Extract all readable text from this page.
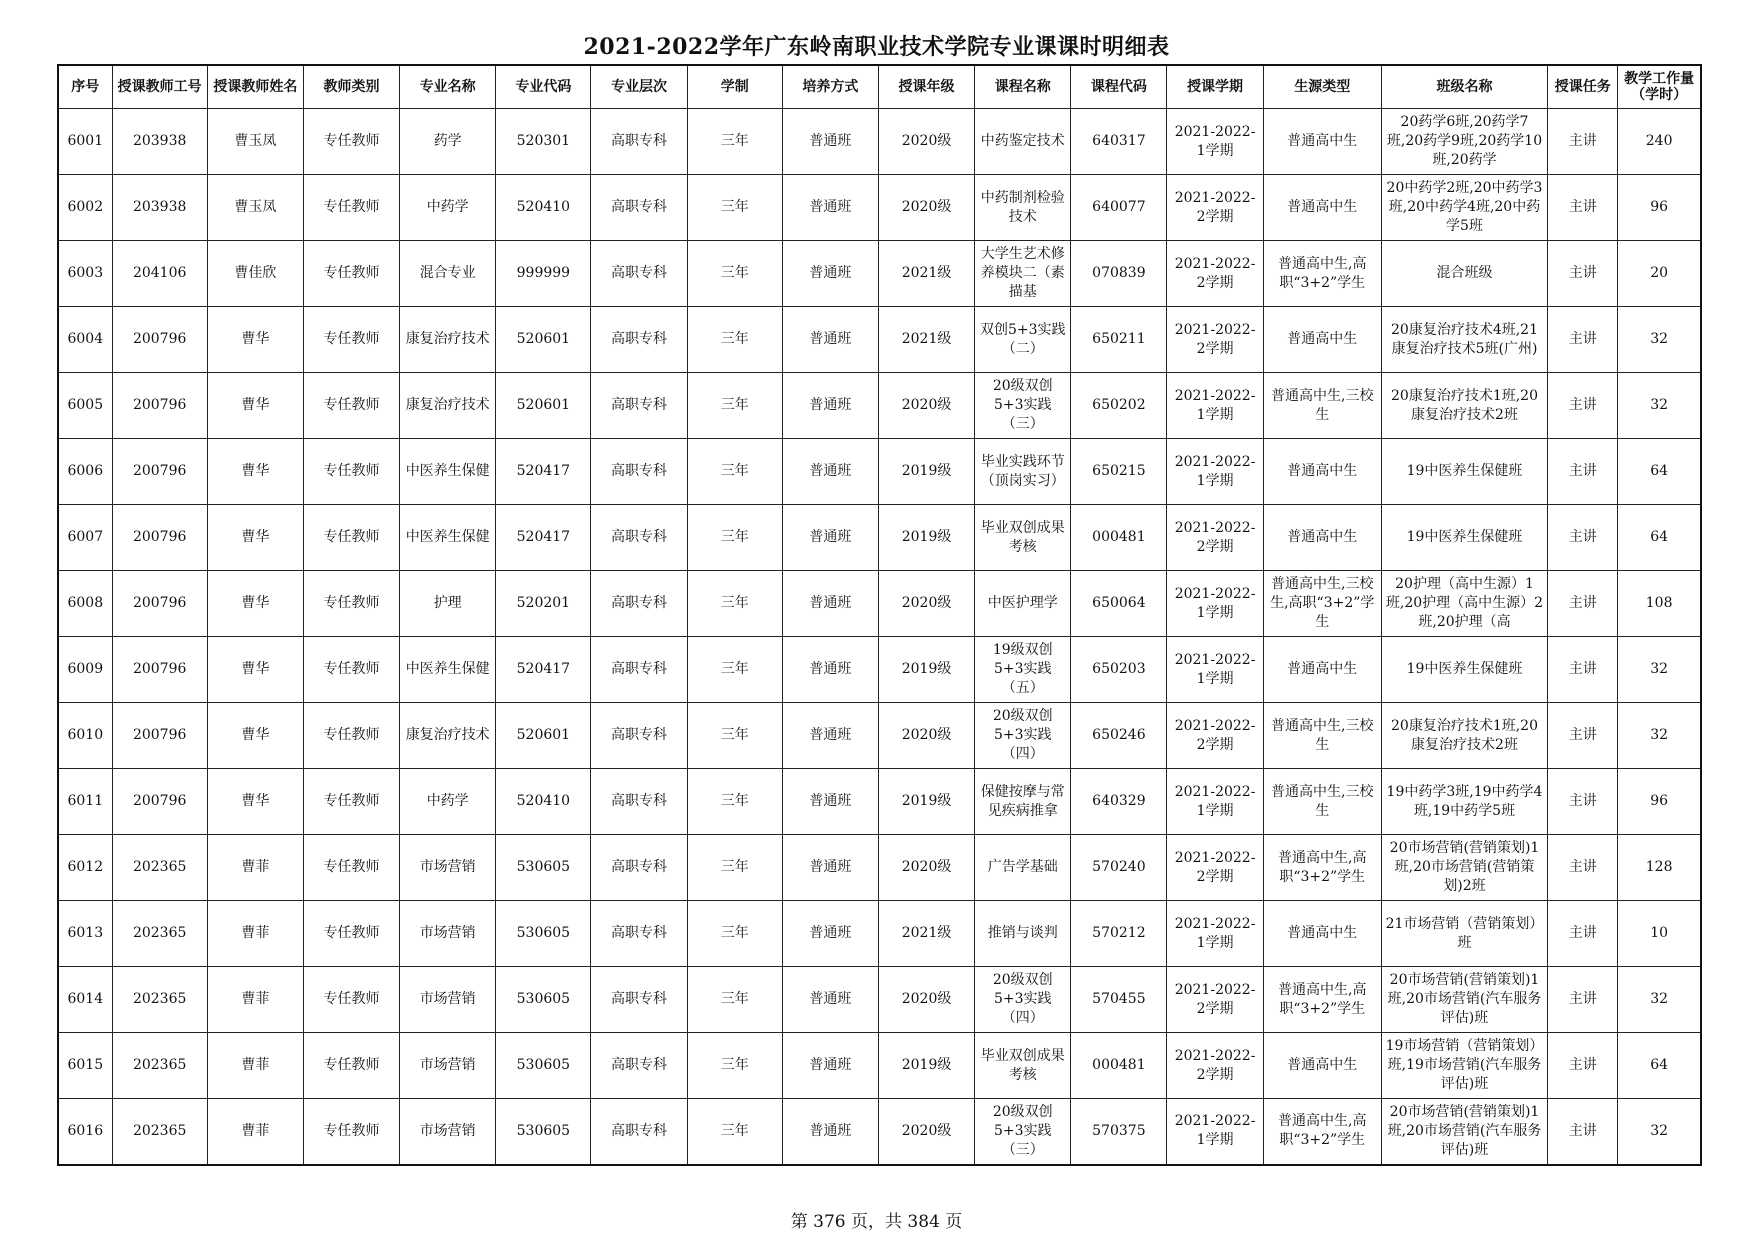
2021-2022学年广东岭南职业技术学院专业课课时明细表
序号	授课教师工号	授课教师姓名	教师类别	专业名称	专业代码	专业层次	学制	培养方式	授课年级	课程名称	课程代码	授课学期	生源类型	班级名称	授课任务	教学工作量（学时）

6001	203938	曹玉凤	专任教师	药学	520301	高职专科	三年	普通班	2020级	中药鉴定技术	640317	2021-2022-1学期	普通高中生	20药学6班,20药学7班,20药学9班,20药学10班,20药学	主讲	240

6002	203938	曹玉凤	专任教师	中药学	520410	高职专科	三年	普通班	2020级	中药制剂检验技术	640077	2021-2022-2学期	普通高中生	20中药学2班,20中药学3班,20中药学4班,20中药学5班	主讲	96

6003	204106	曹佳欣	专任教师	混合专业	999999	高职专科	三年	普通班	2021级	大学生艺术修养模块二（素描基	070839	2021-2022-2学期	普通高中生,高职“3+2”学生	混合班级	主讲	20

6004	200796	曹华	专任教师	康复治疗技术	520601	高职专科	三年	普通班	2021级	双创5+3实践（二）	650211	2021-2022-2学期	普通高中生	20康复治疗技术4班,21康复治疗技术5班(广州)	主讲	32

6005	200796	曹华	专任教师	康复治疗技术	520601	高职专科	三年	普通班	2020级	20级双创5+3实践（三）	650202	2021-2022-1学期	普通高中生,三校生	20康复治疗技术1班,20康复治疗技术2班	主讲	32

6006	200796	曹华	专任教师	中医养生保健	520417	高职专科	三年	普通班	2019级	毕业实践环节（顶岗实习）	650215	2021-2022-1学期	普通高中生	19中医养生保健班	主讲	64

6007	200796	曹华	专任教师	中医养生保健	520417	高职专科	三年	普通班	2019级	毕业双创成果考核	000481	2021-2022-2学期	普通高中生	19中医养生保健班	主讲	64

6008	200796	曹华	专任教师	护理	520201	高职专科	三年	普通班	2020级	中医护理学	650064	2021-2022-1学期	普通高中生,三校生,高职“3+2”学生	20护理（高中生源）1班,20护理（高中生源）2班,20护理（高	主讲	108

6009	200796	曹华	专任教师	中医养生保健	520417	高职专科	三年	普通班	2019级	19级双创5+3实践（五）	650203	2021-2022-1学期	普通高中生	19中医养生保健班	主讲	32

6010	200796	曹华	专任教师	康复治疗技术	520601	高职专科	三年	普通班	2020级	20级双创5+3实践（四）	650246	2021-2022-2学期	普通高中生,三校生	20康复治疗技术1班,20康复治疗技术2班	主讲	32

6011	200796	曹华	专任教师	中药学	520410	高职专科	三年	普通班	2019级	保健按摩与常见疾病推拿	640329	2021-2022-1学期	普通高中生,三校生	19中药学3班,19中药学4班,19中药学5班	主讲	96

6012	202365	曹菲	专任教师	市场营销	530605	高职专科	三年	普通班	2020级	广告学基础	570240	2021-2022-2学期	普通高中生,高职“3+2”学生	20市场营销(营销策划)1班,20市场营销(营销策划)2班	主讲	128

6013	202365	曹菲	专任教师	市场营销	530605	高职专科	三年	普通班	2021级	推销与谈判	570212	2021-2022-1学期	普通高中生	21市场营销（营销策划）班	主讲	10

6014	202365	曹菲	专任教师	市场营销	530605	高职专科	三年	普通班	2020级	20级双创5+3实践（四）	570455	2021-2022-2学期	普通高中生,高职“3+2”学生	20市场营销(营销策划)1班,20市场营销(汽车服务评估)班	主讲	32

6015	202365	曹菲	专任教师	市场营销	530605	高职专科	三年	普通班	2019级	毕业双创成果考核	000481	2021-2022-2学期	普通高中生	19市场营销（营销策划）班,19市场营销(汽车服务评估)班	主讲	64

6016	202365	曹菲	专任教师	市场营销	530605	高职专科	三年	普通班	2020级	20级双创5+3实践（三）	570375	2021-2022-1学期	普通高中生,高职“3+2”学生	20市场营销(营销策划)1班,20市场营销(汽车服务评估)班	主讲	32
第 376 页，共 384 页
